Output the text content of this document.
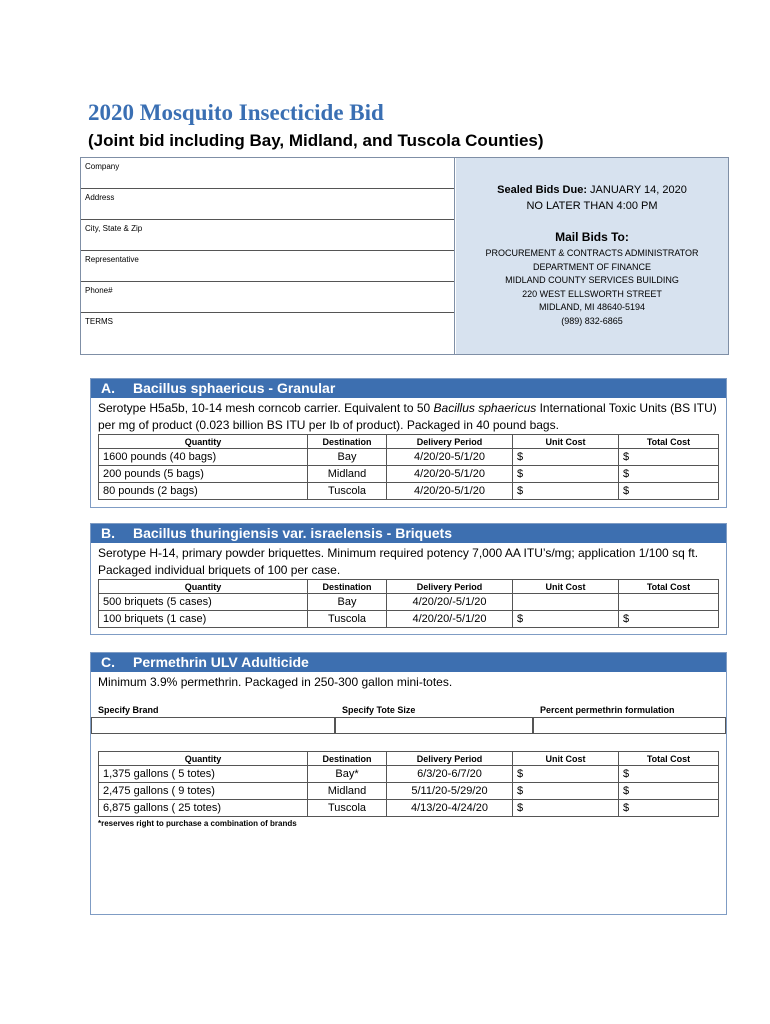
2020 Mosquito Insecticide Bid
(Joint bid including Bay, Midland, and Tuscola Counties)
Company
Address
City, State & Zip
Representative
Phone#
TERMS
Sealed Bids Due: JANUARY 14, 2020
NO LATER THAN 4:00 PM
Mail Bids To:
PROCUREMENT & CONTRACTS ADMINISTRATOR
DEPARTMENT OF FINANCE
MIDLAND COUNTY SERVICES BUILDING
220 WEST ELLSWORTH STREET
MIDLAND, MI 48640-5194
(989) 832-6865
A. Bacillus sphaericus - Granular
Serotype H5a5b, 10-14 mesh corncob carrier. Equivalent to 50 Bacillus sphaericus International Toxic Units (BS ITU) per mg of product (0.023 billion BS ITU per Ib of product). Packaged in 40 pound bags.
Quantity	Destination	Delivery Period	Unit Cost	Total Cost
1600 pounds (40 bags)	Bay	4/20/20-5/1/20	$	$
200 pounds (5 bags)	Midland	4/20/20-5/1/20	$	$
80 pounds (2 bags)	Tuscola	4/20/20-5/1/20	$	$
B. Bacillus thuringiensis var. israelensis - Briquets
Serotype H-14, primary powder briquettes. Minimum required potency 7,000 AA ITU’s/mg; application 1/100 sq ft. Packaged individual briquets of 100 per case.
Quantity	Destination	Delivery Period	Unit Cost	Total Cost
500 briquets (5 cases)	Bay	4/20/20/-5/1/20		
100 briquets (1 case)	Tuscola	4/20/20/-5/1/20	$	$
C. Permethrin ULV Adulticide
Minimum 3.9% permethrin. Packaged in 250-300 gallon mini-totes.
Specify Brand	Specify Tote Size	Percent permethrin formulation
Quantity	Destination	Delivery Period	Unit Cost	Total Cost
1,375 gallons ( 5 totes)	Bay*	6/3/20-6/7/20	$	$
2,475 gallons ( 9 totes)	Midland	5/11/20-5/29/20	$	$
6,875 gallons ( 25 totes)	Tuscola	4/13/20-4/24/20	$	$
*reserves right to purchase a combination of brands
